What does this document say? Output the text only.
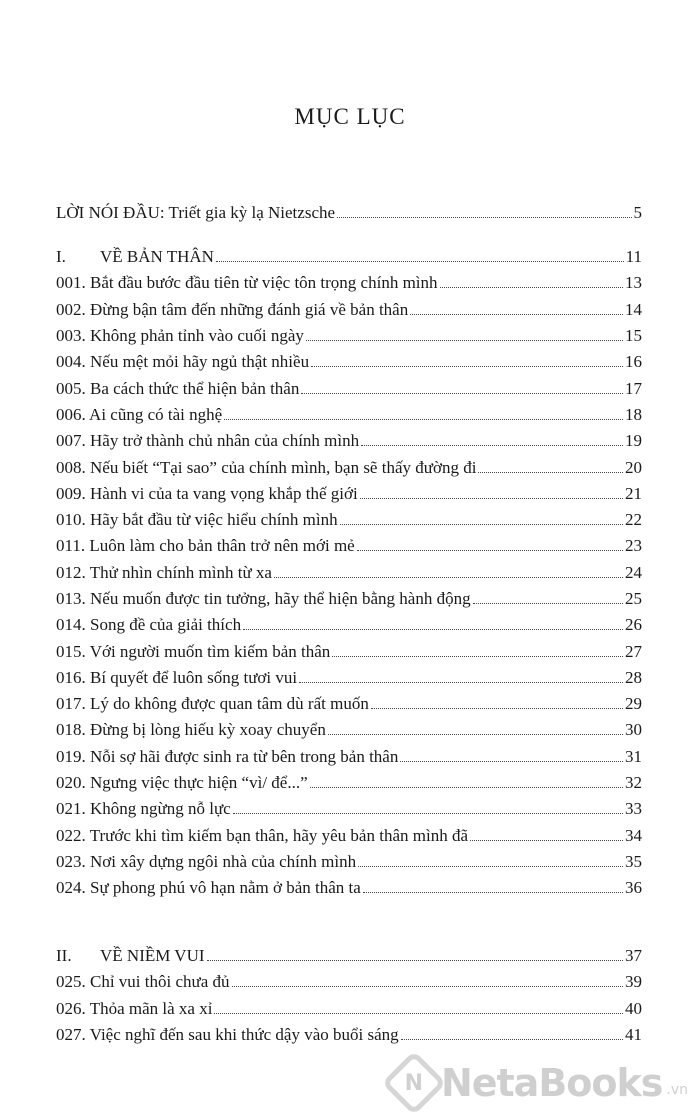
MỤC LỤC
LỜI NÓI ĐẦU: Triết gia kỳ lạ Nietzsche	5
I. VỀ BẢN THÂN	11
001. Bắt đầu bước đầu tiên từ việc tôn trọng chính mình	13
002. Đừng bận tâm đến những đánh giá về bản thân	14
003. Không phản tỉnh vào cuối ngày	15
004. Nếu mệt mỏi hãy ngủ thật nhiều	16
005. Ba cách thức thể hiện bản thân	17
006. Ai cũng có tài nghệ	18
007. Hãy trở thành chủ nhân của chính mình	19
008. Nếu biết “Tại sao” của chính mình, bạn sẽ thấy đường đi	20
009. Hành vi của ta vang vọng khắp thế giới	21
010. Hãy bắt đầu từ việc hiểu chính mình	22
011. Luôn làm cho bản thân trở nên mới mẻ	23
012. Thử nhìn chính mình từ xa	24
013. Nếu muốn được tin tưởng, hãy thể hiện bằng hành động	25
014. Song đề của giải thích	26
015. Với người muốn tìm kiếm bản thân	27
016. Bí quyết để luôn sống tươi vui	28
017. Lý do không được quan tâm dù rất muốn	29
018. Đừng bị lòng hiếu kỳ xoay chuyển	30
019. Nỗi sợ hãi được sinh ra từ bên trong bản thân	31
020. Ngưng việc thực hiện “vì/ để...”	32
021. Không ngừng nỗ lực	33
022. Trước khi tìm kiếm bạn thân, hãy yêu bản thân mình đã	34
023. Nơi xây dựng ngôi nhà của chính mình	35
024. Sự phong phú vô hạn nằm ở bản thân ta	36
II. VỀ NIỀM VUI	37
025. Chỉ vui thôi chưa đủ	39
026. Thỏa mãn là xa xỉ	40
027. Việc nghĩ đến sau khi thức dậy vào buổi sáng	41
N NetaBooks .vn
